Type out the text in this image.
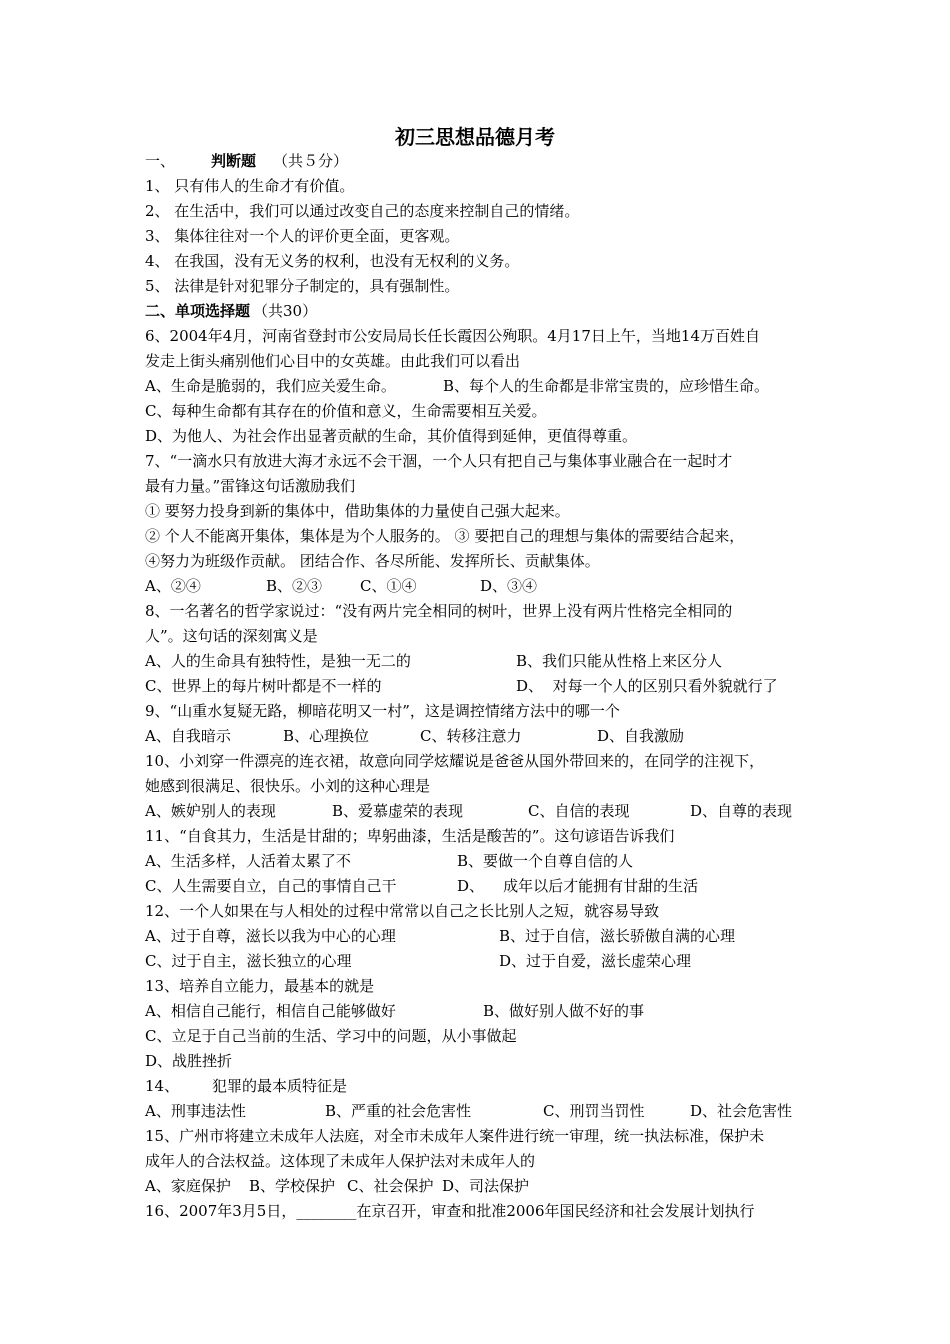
初三思想品德月考

一、

判断题

（共５分）

1、 只有伟人的生命才有价值。
2、 在生活中，我们可以通过改变自己的态度来控制自己的情绪。
3、 集体往往对一个人的评价更全面，更客观。
4、 在我国，没有无义务的权利，也没有无权利的义务。
5、 法律是针对犯罪分子制定的，具有强制性。

二、单项选择题

（共30）

6、2004年4月，河南省登封市公安局局长任长霞因公殉职。4月17日上午，当地14万百姓自
发走上街头痛别他们心目中的女英雄。由此我们可以看出

A、生命是脆弱的，我们应关爱生命。

	B、每个人的生命都是非常宝贵的，应珍惜生命。

C、每种生命都有其存在的价值和意义，生命需要相互关爱。
D、为他人、为社会作出显著贡献的生命，其价值得到延伸，更值得尊重。
7、“一滴水只有放进大海才永远不会干涸，一个人只有把自己与集体事业融合在一起时才
最有力量。”雷锋这句话激励我们
① 要努力投身到新的集体中，借助集体的力量使自己强大起来。
② 个人不能离开集体，集体是为个人服务的。 ③ 要把自己的理想与集体的需要结合起来，
④努力为班级作贡献。 团结合作、各尽所能、发挥所长、贡献集体。

A、②④

	B、②③

	C、①④

	D、③④

8、一名著名的哲学家说过：“没有两片完全相同的树叶，世界上没有两片性格完全相同的
人”。这句话的深刻寓义是

A、人的生命具有独特性，是独一无二的

	B、我们只能从性格上来区分人

C、世界上的每片树叶都是不一样的

	D、  对每一个人的区别只看外貌就行了

9、“山重水复疑无路，柳暗花明又一村”，这是调控情绪方法中的哪一个

A、自我暗示

	B、心理换位

	C、转移注意力

	D、自我激励

10、小刘穿一件漂亮的连衣裙，故意向同学炫耀说是爸爸从国外带回来的，在同学的注视下，
她感到很满足、很快乐。小刘的这种心理是

A、嫉妒别人的表现

	B、爱慕虚荣的表现

	C、自信的表现

	D、自尊的表现

11、“自食其力，生活是甘甜的；卑躬曲漆，生活是酸苦的”。这句谚语告诉我们

A、生活多样，人活着太累了不

	B、要做一个自尊自信的人

C、人生需要自立，自己的事情自己干

	D、    成年以后才能拥有甘甜的生活

12、一个人如果在与人相处的过程中常常以自己之长比别人之短，就容易导致

A、过于自尊，滋长以我为中心的心理

	B、过于自信，滋长骄傲自满的心理

C、过于自主，滋长独立的心理

	D、过于自爱，滋长虚荣心理

13、培养自立能力，最基本的就是

A、相信自己能行，相信自己能够做好

	B、做好别人做不好的事

C、立足于自己当前的生活、学习中的问题，从小事做起
D、战胜挫折

14、

犯罪的最本质特征是

A、刑事违法性

	B、严重的社会危害性

	C、刑罚当罚性

	D、社会危害性

15、广州市将建立未成年人法庭，对全市未成年人案件进行统一审理，统一执法标准，保护未
成年人的合法权益。这体现了未成年人保护法对未成年人的

A、家庭保护

B、学校保护

C、社会保护

D、司法保护

16、2007年3月5日，________在京召开，审查和批准2006年国民经济和社会发展计划执行
